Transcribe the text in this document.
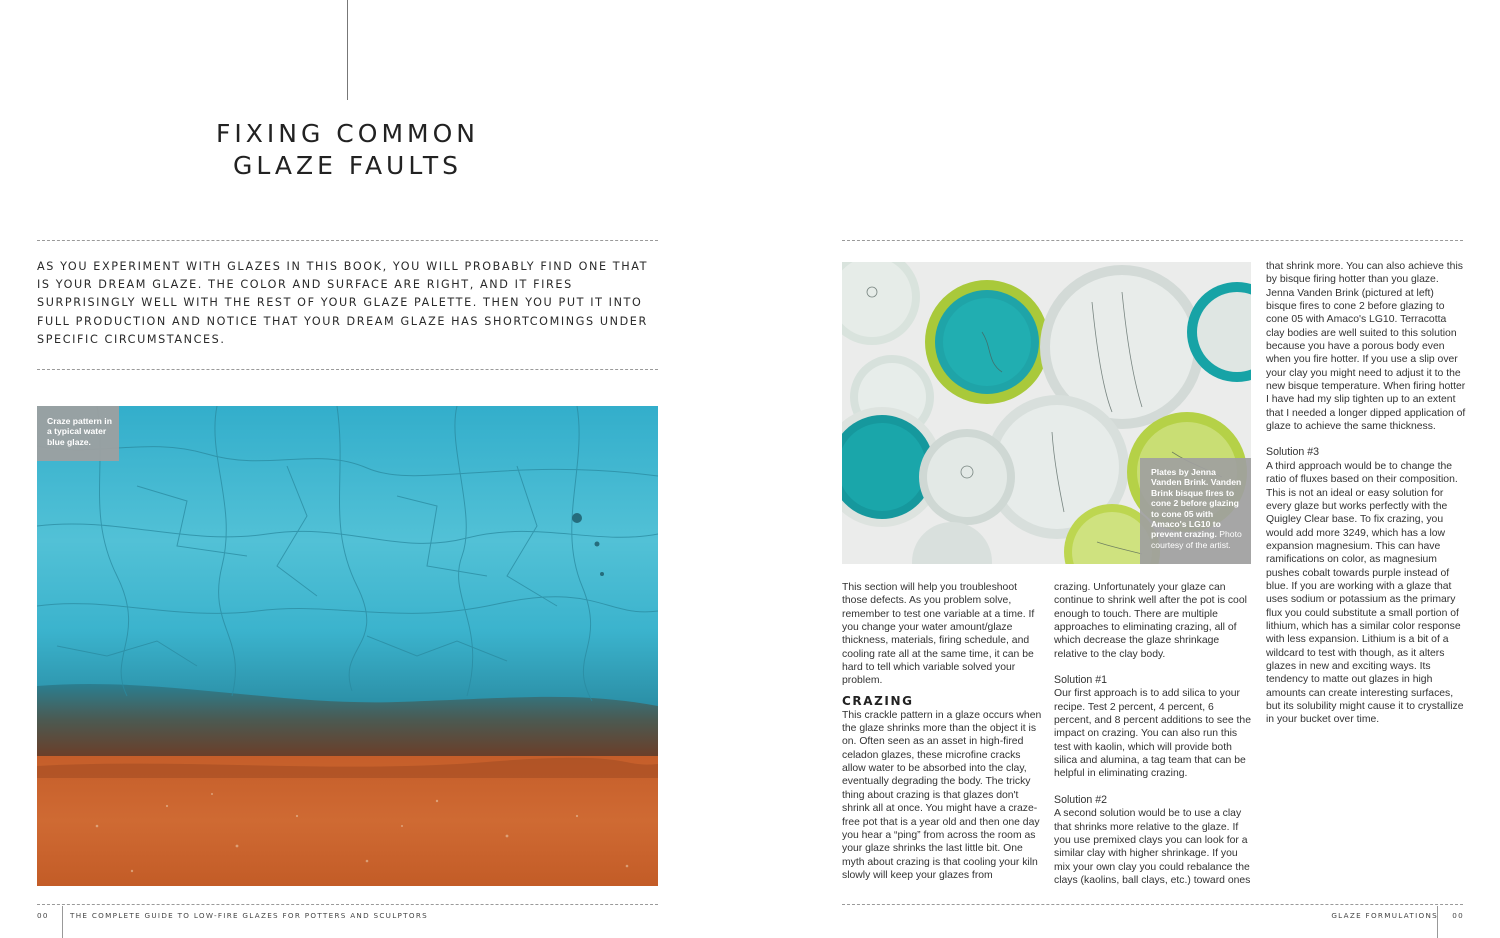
FIXING COMMON
GLAZE FAULTS

AS YOU EXPERIMENT WITH GLAZES IN THIS BOOK, YOU WILL PROBABLY FIND ONE THAT IS YOUR DREAM GLAZE. THE COLOR AND SURFACE ARE RIGHT, AND IT FIRES SURPRISINGLY WELL WITH THE REST OF YOUR GLAZE PALETTE. THEN YOU PUT IT INTO FULL PRODUCTION AND NOTICE THAT YOUR DREAM GLAZE HAS SHORTCOMINGS UNDER SPECIFIC CIRCUMSTANCES.

Craze pattern in a typical water blue glaze.
Plates by Jenna Vanden Brink. Vanden Brink bisque fires to cone 2 before glazing to cone 05 with Amaco's LG10 to prevent crazing. Photo courtesy of the artist.

This section will help you troubleshoot those defects. As you problem solve, remember to test one variable at a time. If you change your water amount/glaze thickness, materials, firing schedule, and cooling rate all at the same time, it can be hard to tell which variable solved your problem.

CRAZING

This crackle pattern in a glaze occurs when the glaze shrinks more than the object it is on. Often seen as an asset in high-fired celadon glazes, these microfine cracks allow water to be absorbed into the clay, eventually degrading the body. The tricky thing about crazing is that glazes don't shrink all at once. You might have a craze-free pot that is a year old and then one day you hear a “ping” from across the room as your glaze shrinks the last little bit. One myth about crazing is that cooling your kiln slowly will keep your glazes from

crazing. Unfortunately your glaze can continue to shrink well after the pot is cool enough to touch. There are multiple approaches to eliminating crazing, all of which decrease the glaze shrinkage relative to the clay body.

Solution #1

Our first approach is to add silica to your recipe. Test 2 percent, 4 percent, 6 percent, and 8 percent additions to see the impact on crazing. You can also run this test with kaolin, which will provide both silica and alumina, a tag team that can be helpful in eliminating crazing.

Solution #2

A second solution would be to use a clay that shrinks more relative to the glaze. If you use premixed clays you can look for a similar clay with higher shrinkage. If you mix your own clay you could rebalance the clays (kaolins, ball clays, etc.) toward ones

that shrink more. You can also achieve this by bisque firing hotter than you glaze. Jenna Vanden Brink (pictured at left) bisque fires to cone 2 before glazing to cone 05 with Amaco's LG10. Terracotta clay bodies are well suited to this solution because you have a porous body even when you fire hotter. If you use a slip over your clay you might need to adjust it to the new bisque temperature. When firing hotter I have had my slip tighten up to an extent that I needed a longer dipped application of glaze to achieve the same thickness.

Solution #3

A third approach would be to change the ratio of fluxes based on their composition. This is not an ideal or easy solution for every glaze but works perfectly with the Quigley Clear base. To fix crazing, you would add more 3249, which has a low expansion magnesium. This can have ramifications on color, as magnesium pushes cobalt towards purple instead of blue. If you are working with a glaze that uses sodium or potassium as the primary flux you could substitute a small portion of lithium, which has a similar color response with less expansion. Lithium is a bit of a wildcard to test with though, as it alters glazes in new and exciting ways. Its tendency to matte out glazes in high amounts can create interesting surfaces, but its solubility might cause it to crystallize in your bucket over time.

00	THE COMPLETE GUIDE TO LOW-FIRE GLAZES FOR POTTERS AND SCULPTORS	GLAZE FORMULATIONS 00
